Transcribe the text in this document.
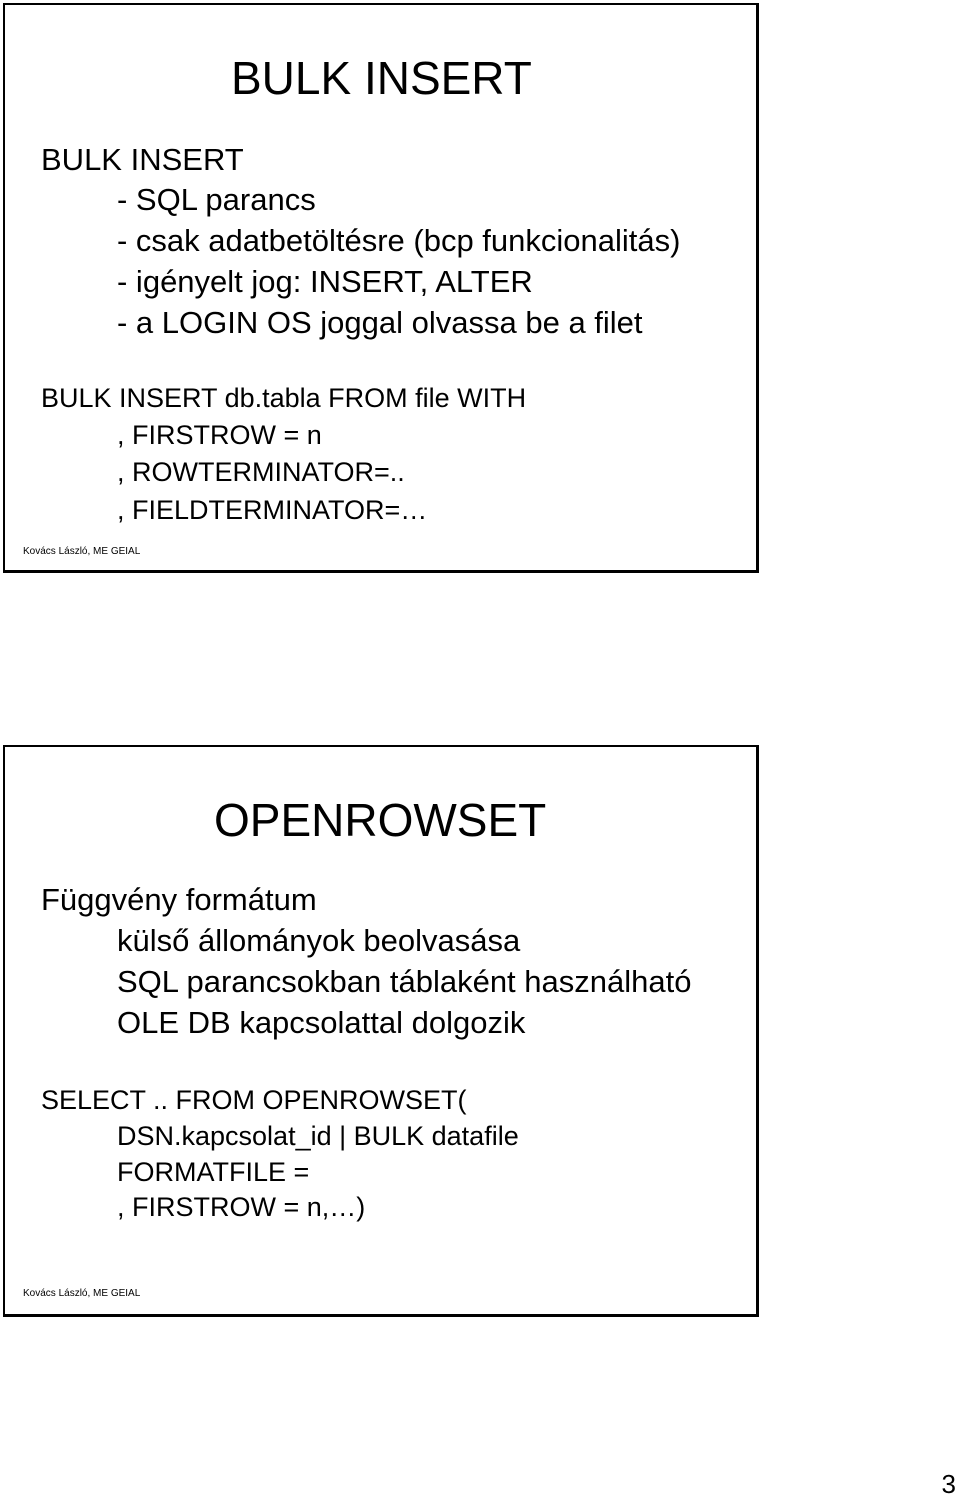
BULK INSERT
BULK INSERT
- SQL parancs
- csak adatbetöltésre (bcp funkcionalitás)
- igényelt jog: INSERT, ALTER
- a LOGIN OS joggal olvassa be a filet
BULK INSERT db.tabla FROM file WITH
, FIRSTROW = n
, ROWTERMINATOR=..
, FIELDTERMINATOR=…
Kovács László, ME GEIAL
OPENROWSET
Függvény formátum
külső állományok beolvasása
SQL parancsokban táblaként használható
OLE DB kapcsolattal dolgozik
SELECT .. FROM OPENROWSET(
DSN.kapcsolat_id | BULK datafile
FORMATFILE =
, FIRSTROW = n,…)
Kovács László, ME GEIAL
3
